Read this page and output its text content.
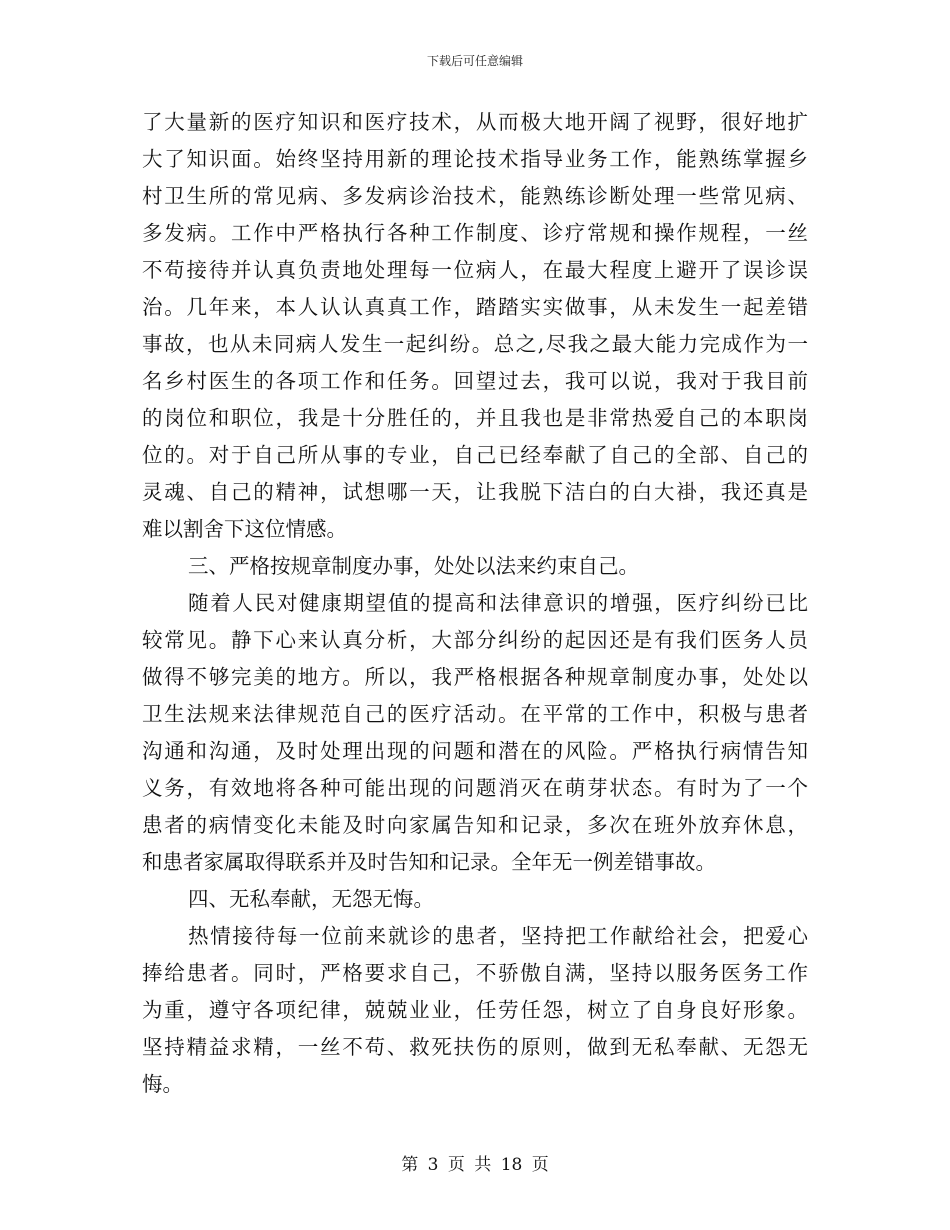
下载后可任意编辑
了大量新的医疗知识和医疗技术，从而极大地开阔了视野，很好地扩
大了知识面。始终坚持用新的理论技术指导业务工作，能熟练掌握乡
村卫生所的常见病、多发病诊治技术，能熟练诊断处理一些常见病、
多发病。工作中严格执行各种工作制度、诊疗常规和操作规程，一丝
不苟接待并认真负责地处理每一位病人，在最大程度上避开了误诊误
治。几年来，本人认认真真工作，踏踏实实做事，从未发生一起差错
事故，也从未同病人发生一起纠纷。总之,尽我之最大能力完成作为一
名乡村医生的各项工作和任务。回望过去，我可以说，我对于我目前
的岗位和职位，我是十分胜任的，并且我也是非常热爱自己的本职岗
位的。对于自己所从事的专业，自己已经奉献了自己的全部、自己的
灵魂、自己的精神，试想哪一天，让我脱下洁白的白大褂，我还真是
难以割舍下这位情感。
三、严格按规章制度办事，处处以法来约束自己。
随着人民对健康期望值的提高和法律意识的增强，医疗纠纷已比
较常见。静下心来认真分析，大部分纠纷的起因还是有我们医务人员
做得不够完美的地方。所以，我严格根据各种规章制度办事，处处以
卫生法规来法律规范自己的医疗活动。在平常的工作中，积极与患者
沟通和沟通，及时处理出现的问题和潜在的风险。严格执行病情告知
义务，有效地将各种可能出现的问题消灭在萌芽状态。有时为了一个
患者的病情变化未能及时向家属告知和记录，多次在班外放弃休息，
和患者家属取得联系并及时告知和记录。全年无一例差错事故。
四、无私奉献，无怨无悔。
热情接待每一位前来就诊的患者，坚持把工作献给社会，把爱心
捧给患者。同时，严格要求自己，不骄傲自满，坚持以服务医务工作
为重，遵守各项纪律，兢兢业业，任劳任怨，树立了自身良好形象。
坚持精益求精，一丝不苟、救死扶伤的原则，做到无私奉献、无怨无
悔。
第 3 页 共 18 页
